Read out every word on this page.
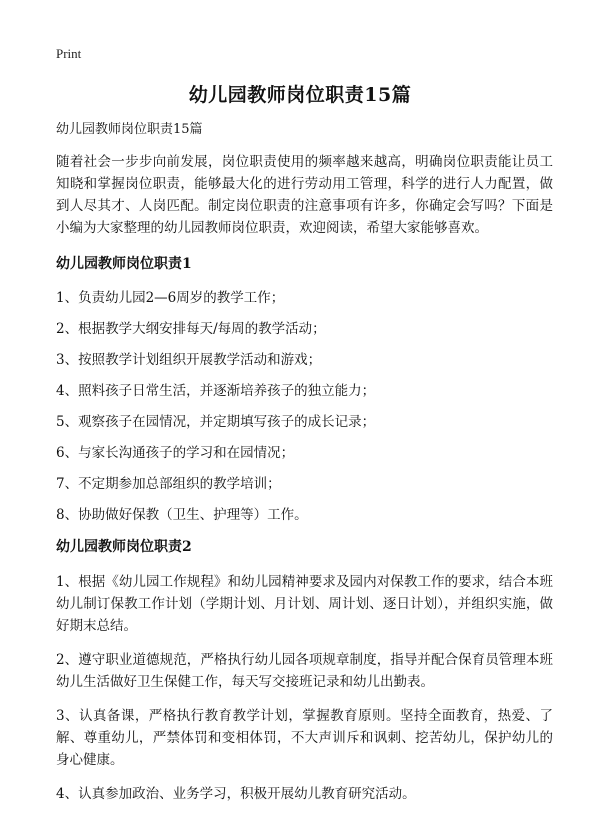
Print
幼儿园教师岗位职责15篇

幼儿园教师岗位职责15篇

随着社会一步步向前发展，岗位职责使用的频率越来越高，明确岗位职责能让员工知晓和掌握岗位职责，能够最大化的进行劳动用工管理，科学的进行人力配置，做到人尽其才、人岗匹配。制定岗位职责的注意事项有许多，你确定会写吗？下面是小编为大家整理的幼儿园教师岗位职责，欢迎阅读，希望大家能够喜欢。

幼儿园教师岗位职责1

1、负责幼儿园2—6周岁的教学工作；

2、根据教学大纲安排每天/每周的教学活动；

3、按照教学计划组织开展教学活动和游戏；

4、照料孩子日常生活，并逐渐培养孩子的独立能力；

5、观察孩子在园情况，并定期填写孩子的成长记录；

6、与家长沟通孩子的学习和在园情况；

7、不定期参加总部组织的教学培训；

8、协助做好保教（卫生、护理等）工作。

幼儿园教师岗位职责2

1、根据《幼儿园工作规程》和幼儿园精神要求及园内对保教工作的要求，结合本班幼儿制订保教工作计划（学期计划、月计划、周计划、逐日计划），并组织实施，做好期末总结。

2、遵守职业道德规范，严格执行幼儿园各项规章制度，指导并配合保育员管理本班幼儿生活做好卫生保健工作，每天写交接班记录和幼儿出勤表。

3、认真备课，严格执行教育教学计划，掌握教育原则。坚持全面教育，热爱、了解、尊重幼儿，严禁体罚和变相体罚，不大声训斥和讽刺、挖苦幼儿，保护幼儿的身心健康。

4、认真参加政治、业务学习，积极开展幼儿教育研究活动。
